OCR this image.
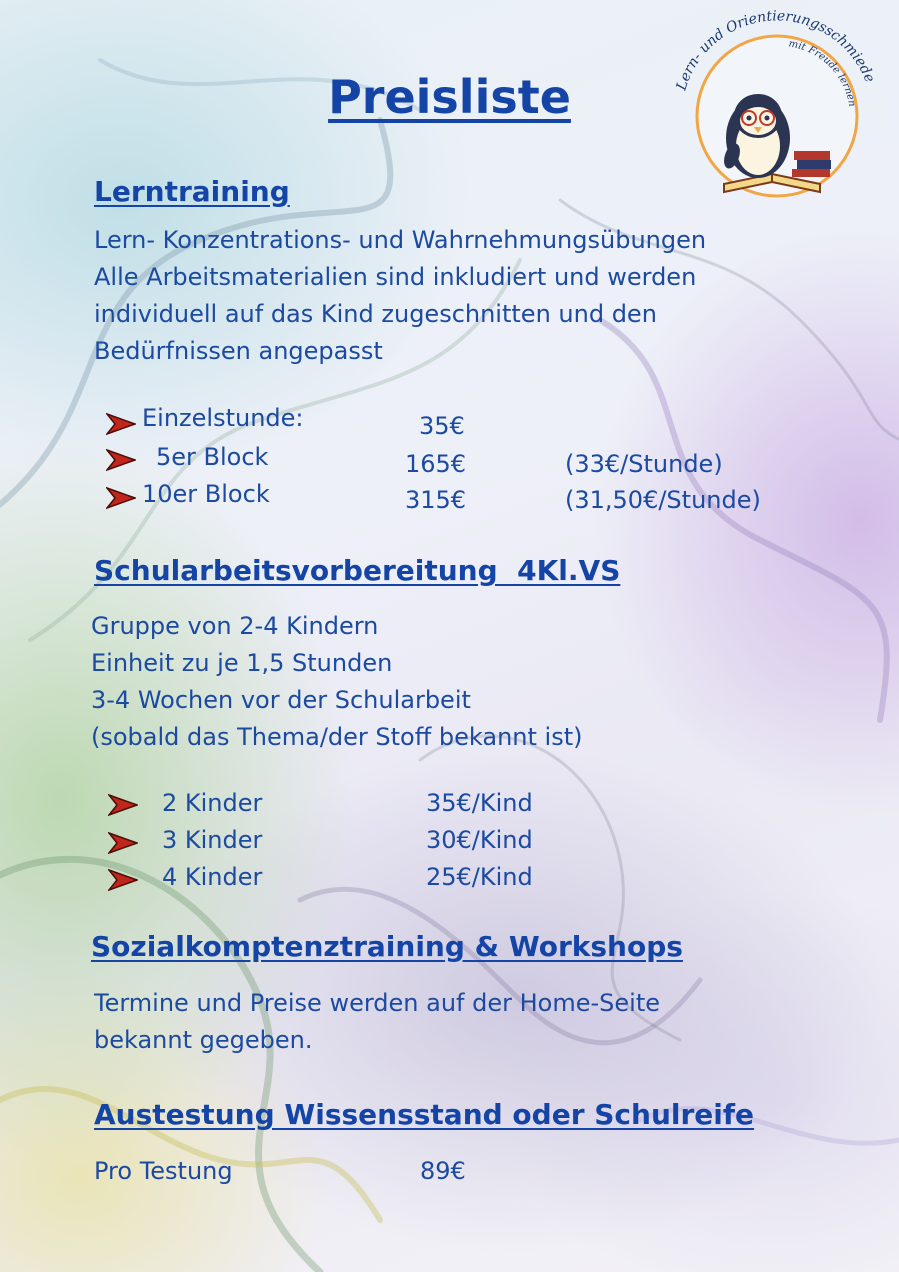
Lern- und Orientierungsschmiede
mit Freude lernen
Preisliste
Lerntraining
Lern- Konzentrations- und Wahrnehmungsübungen
Alle Arbeitsmaterialien sind inkludiert und werden
individuell auf das Kind zugeschnitten und den
Bedürfnissen angepasst
Einzelstunde:	35€
5er Block	165€	(33€/Stunde)
10er Block	315€	(31,50€/Stunde)
Schularbeitsvorbereitung  4Kl.VS
Gruppe von 2-4 Kindern
Einheit zu je 1,5 Stunden
3-4 Wochen vor der Schularbeit
(sobald das Thema/der Stoff bekannt ist)
2 Kinder	35€/Kind
3 Kinder	30€/Kind
4 Kinder	25€/Kind
Sozialkomptenztraining & Workshops
Termine und Preise werden auf der Home-Seite
bekannt gegeben.
Austestung Wissensstand oder Schulreife
Pro Testung	89€
